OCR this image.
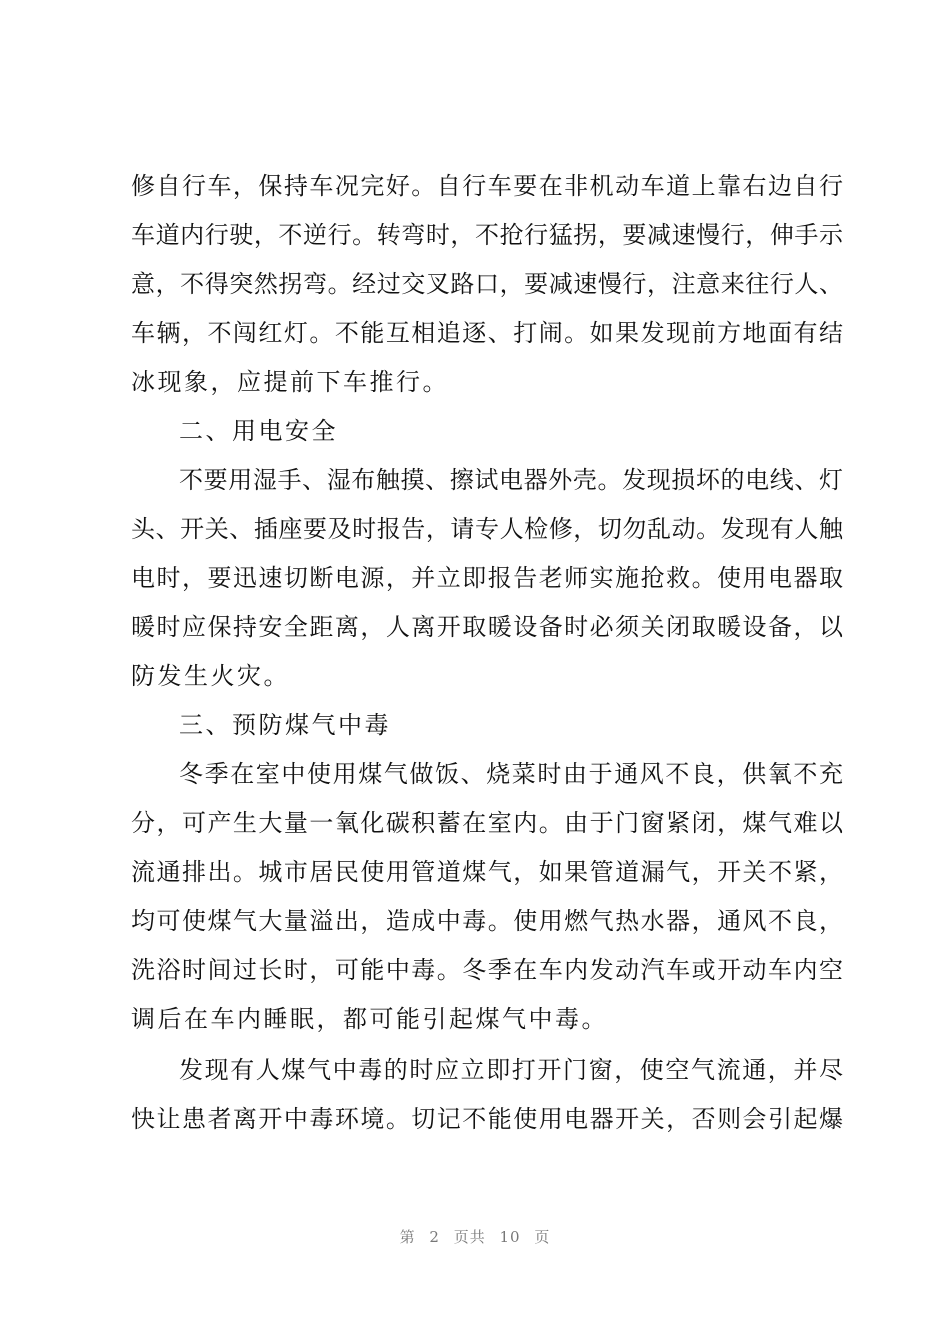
修自行车，保持车况完好。自行车要在非机动车道上靠右边自行
车道内行驶，不逆行。转弯时，不抢行猛拐，要减速慢行，伸手示
意，不得突然拐弯。经过交叉路口，要减速慢行，注意来往行人、
车辆，不闯红灯。不能互相追逐、打闹。如果发现前方地面有结
冰现象，应提前下车推行。
二、用电安全
不要用湿手、湿布触摸、擦试电器外壳。发现损坏的电线、灯
头、开关、插座要及时报告，请专人检修，切勿乱动。发现有人触
电时，要迅速切断电源，并立即报告老师实施抢救。使用电器取
暖时应保持安全距离，人离开取暖设备时必须关闭取暖设备，以
防发生火灾。
三、预防煤气中毒
冬季在室中使用煤气做饭、烧菜时由于通风不良，供氧不充
分，可产生大量一氧化碳积蓄在室内。由于门窗紧闭，煤气难以
流通排出。城市居民使用管道煤气，如果管道漏气，开关不紧，
均可使煤气大量溢出，造成中毒。使用燃气热水器，通风不良，
洗浴时间过长时，可能中毒。冬季在车内发动汽车或开动车内空
调后在车内睡眠，都可能引起煤气中毒。
发现有人煤气中毒的时应立即打开门窗，使空气流通，并尽
快让患者离开中毒环境。切记不能使用电器开关，否则会引起爆
第 2 页共 10 页
